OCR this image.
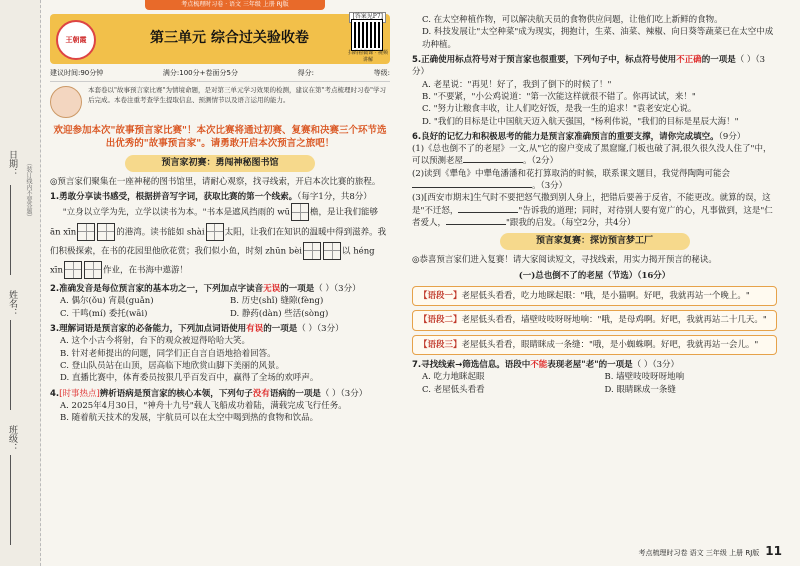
考点梳理时习卷 · 语文 三年级 上册 RJ版
日期：
姓名：
班级：
（装订线内不要答题）
王朝霞	第三单元 综合过关验收卷
[答案见P7]
扫码看微课 · 视频讲解
建议时间:90分钟	满分:100分+卷面分5分	得分:	等级:
本套卷以"故事预言家比赛"为情境命题，是对第三单元学习效果的检测，建议在第"考点梳理时习卷"学习后完成。本卷注重考查学生提取信息、预测情节以及语言运用的能力。
欢迎参加本次"故事预言家比赛"！本次比赛将通过初赛、复赛和决赛三个环节选出优秀的"故事预言家"。请勇敢开启本次预言之旅吧！
预言家初赛：勇闯神秘图书馆
◎预言家们聚集在一座神秘的图书馆里，请耐心观察，找寻线索，开启本次比赛的旅程。
1.勇敢分享读书感受，根据拼音写字词，获取比赛的第一个线索。（每字1分，共8分）
"立身以立学为先，立学以读书为本。"书本是遮风挡雨的 wū 檐，是让我们能够 ān xīn	的港湾。读书能如 shài 太阳，让我们在知识的温暖中得到滋养。我们积极探索，在书的花园里他欣花赏；我们似小鱼，时刻 zhūn bèi	以 héng xīn	作业，在书海中遨游！
2.准确发音是每位预言家的基本功之一，下列加点字读音无误的一项是（ ）（3分）
A. 偶尔(ǒu) 宵晨(guǎn)	B. 历史(shǐ) 缝隙(fèng)
C. 干鸣(mí) 委托(wāi)	D. 静药(dàn) 些活(sòng)
3.理解词语是预言家的必备能力，下列加点词语使用有误的一项是（ ）（3分）
A. 这个小古今将射，台下的观众被逗得哈哈大笑。
B. 针对老师提出的问题，同学们正自言自语地拾着回答。
C. 登山队员站在山顶，居高临下地欣赏山脚下美丽的风景。
D. 直播比赛中，体育委员按狠几乎百发百中，赢得了全场的欢呼声。
4.[时事热点]辨析语病是预言家的核心本领，下列句子没有语病的一项是（ ）（3分）
A. 2025年4月30日，"神舟十九号"载人飞船成功着陆，满载完成飞行任务。
B. 随着航天技术的发展，宇航员可以在太空中喝到热的食物和饮品。
C. 在太空种植作物，可以解决航天员的食物供应问题，让他们吃上新鲜的食物。
D. 科技发展让"太空种菜"成为现实，拥抱计，生菜、油菜、辣椒、向日葵等蔬菜已在太空中成功种植。
5.正确使用标点符号对于预言家也很重要，下列句子中，标点符号使用不正确的一项是（ ）（3分）
A. 老星说："再见！好了，我到了倒下的时候了！"
B. "不要紧，"小公鸡说道："第一次能这样就很不错了。你再试试，来！"
C. "努力让粮食丰收，让人们吃好饭，是我一生的追求！"袁老安定心说。
D. "我们的目标是让中国航天迈入航天强国，"杨利伟说，"我们的目标是星辰大海！"
6.良好的记忆力和积极思考的能力是预言家准确预言的重要支撑，请你完成填空。（9分）
(1)《总也倒不了的老屋》一文,从"它的窗户变成了黑窟窿,门板也破了洞,很久很久没人住了"中，可以预测老屋	。（2分）
(2)读到《犟龟》中犟龟潘潘和花打算取消的时候，联系课文题目，我觉得陶陶可能会。（3分）
(3)[西安市期末]生气时不要把怒气撒到别人身上，把错后要善于反省，不能更改。就算的误，这是"不迁怒，	"告诉我的道理；同时，对待别人要有宽广的心，凡事做到，这是"仁者爱人，	"跟我的启发。（每空2分，共4分）
预言家复赛：探访预言梦工厂
◎恭喜预言家们进入复赛！请大家阅读短文，寻找线索，用实力揭开预言的秘诀。
(一)总也倒不了的老屋（节选）（16分）
【语段一】老屋低头看看，吃力地眯起眼："哦，是小猫啊。好吧，我就再站一个晚上。"
【语段二】老屋低头看看，墙壁吱吱呀呀地响："哦，是母鸡啊。好吧，我就再站二十几天。"
【语段三】老屋低头看看，眼睛眯成一条缝："哦，是小蜘蛛啊。好吧，我就再站一会儿。"
7.寻找线索→筛选信息。语段中不能表现老屋"老"的一项是（ ）（3分）
A. 吃力地眯起眼	B. 墙壁吱吱呀呀地响
C. 老屋低头看看	D. 眼睛眯成一条缝
考点梳理时习卷 语文 三年级 上册 RJ版 11
